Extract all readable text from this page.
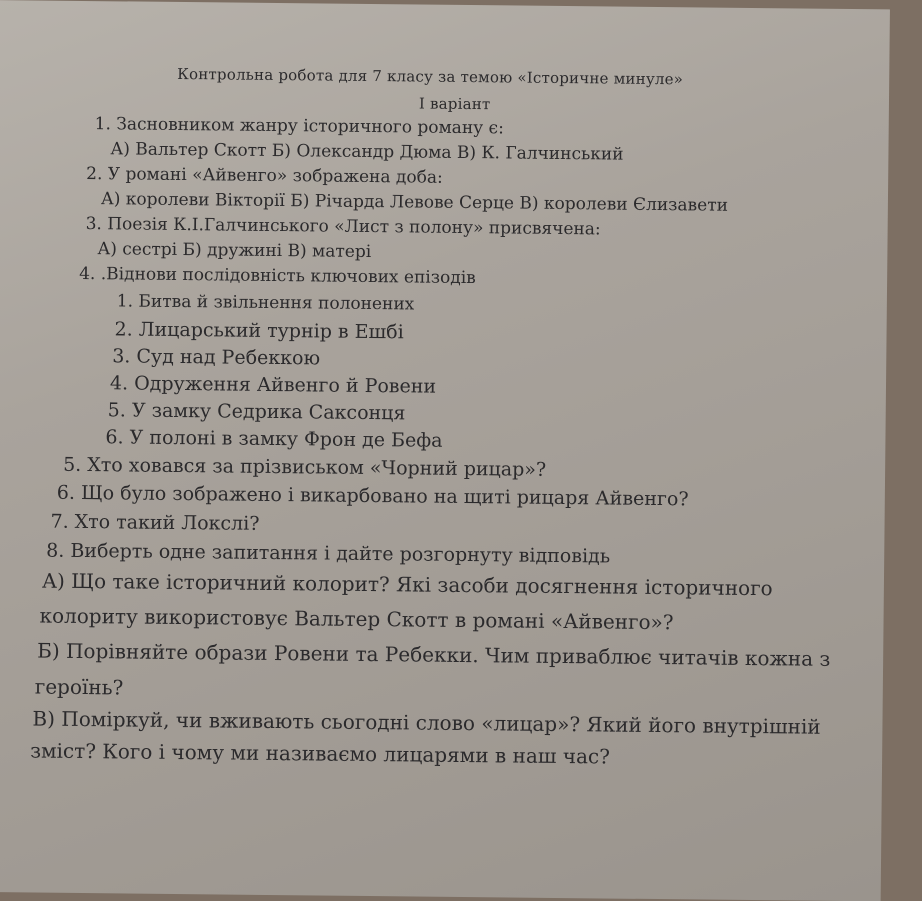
Контрольна робота для 7 класу за темою «Історичне минуле»
I варіант
1. Засновником жанру історичного роману є:
А) Вальтер Скотт Б) Олександр Дюма В) К. Галчинський
2. У романі «Айвенго» зображена доба:
А) королеви Вікторії Б) Річарда Левове Серце В) королеви Єлизавети
3. Поезія К.І.Галчинського «Лист з полону» присвячена:
А) сестрі Б) дружині В) матері
4. .Віднови послідовність ключових епізодів
1. Битва й звільнення полонених
2. Лицарський турнір в Ешбі
3. Суд над Ребеккою
4. Одруження Айвенго й Ровени
5. У замку Седрика Саксонця
6. У полоні в замку Фрон де Бефа
5. Хто ховався за прізвиськом «Чорний рицар»?
6. Що було зображено і викарбовано на щиті рицаря Айвенго?
7. Хто такий Локслі?
8. Виберть одне запитання і дайте розгорнуту відповідь
А) Що таке історичний колорит? Які засоби досягнення історичного
колориту використовує Вальтер Скотт в романі «Айвенго»?
Б) Порівняйте образи Ровени та Ребекки. Чим приваблює читачів кожна з
героїнь?
В) Поміркуй, чи вживають сьогодні слово «лицар»? Який його внутрішній
зміст? Кого і чому ми називаємо лицарями в наш час?
